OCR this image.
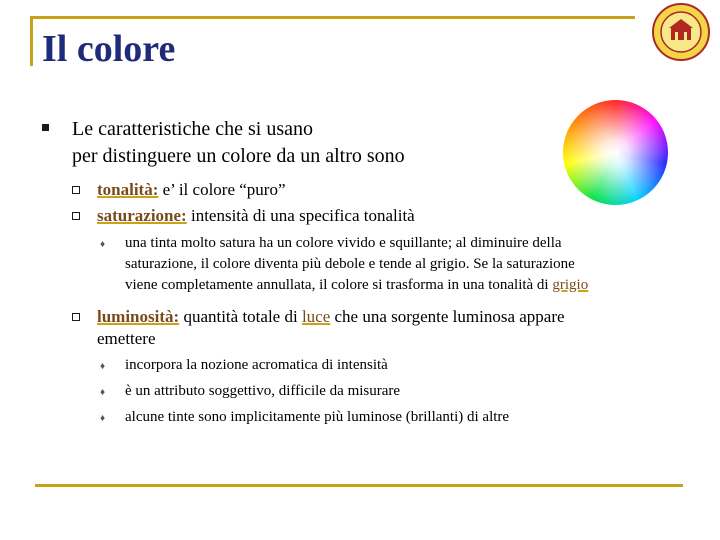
Il colore
Le caratteristiche che si usano
per distinguere un colore da un altro sono
tonalità: e’ il colore “puro”
saturazione: intensità di una specifica tonalità
♦ una tinta molto satura ha un colore vivido e squillante; al diminuire della
saturazione, il colore diventa più debole e tende al grigio. Se la saturazione
viene completamente annullata, il colore si trasforma in una tonalità di grigio
luminosità: quantità totale di luce che una sorgente luminosa appare
emettere
♦ incorpora la nozione acromatica di intensità
♦ è un attributo soggettivo, difficile da misurare
♦ alcune tinte sono implicitamente più luminose (brillanti) di altre
